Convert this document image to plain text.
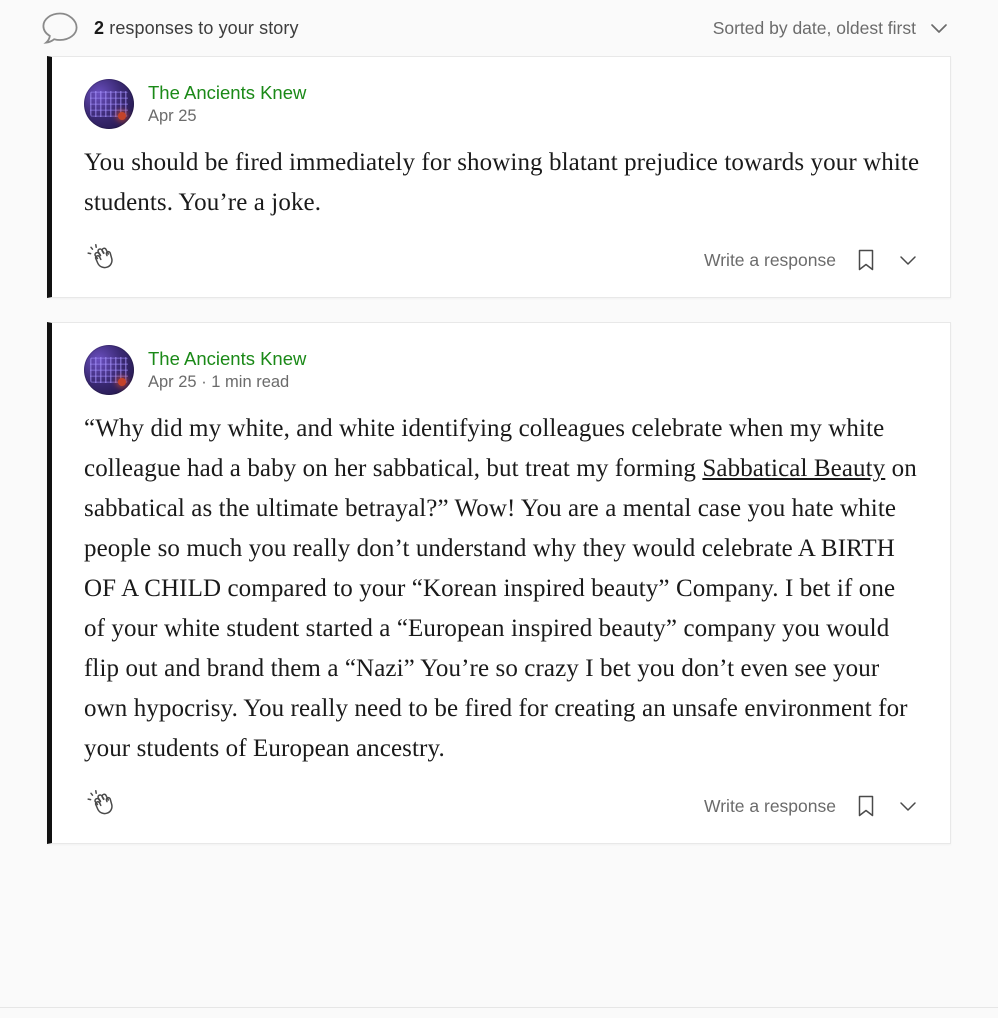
2 responses to your story	Sorted by date, oldest first
The Ancients Knew
Apr 25
You should be fired immediately for showing blatant prejudice towards your white students. You’re a joke.
Write a response
The Ancients Knew
Apr 25 · 1 min read
“Why did my white, and white identifying colleagues celebrate when my white colleague had a baby on her sabbatical, but treat my forming Sabbatical Beauty on sabbatical as the ultimate betrayal?” Wow! You are a mental case you hate white people so much you really don’t understand why they would celebrate A BIRTH OF A CHILD compared to your “Korean inspired beauty” Company. I bet if one of your white student started a “European inspired beauty” company you would flip out and brand them a “Nazi” You’re so crazy I bet you don’t even see your own hypocrisy. You really need to be fired for creating an unsafe environment for your students of European ancestry.
Write a response
